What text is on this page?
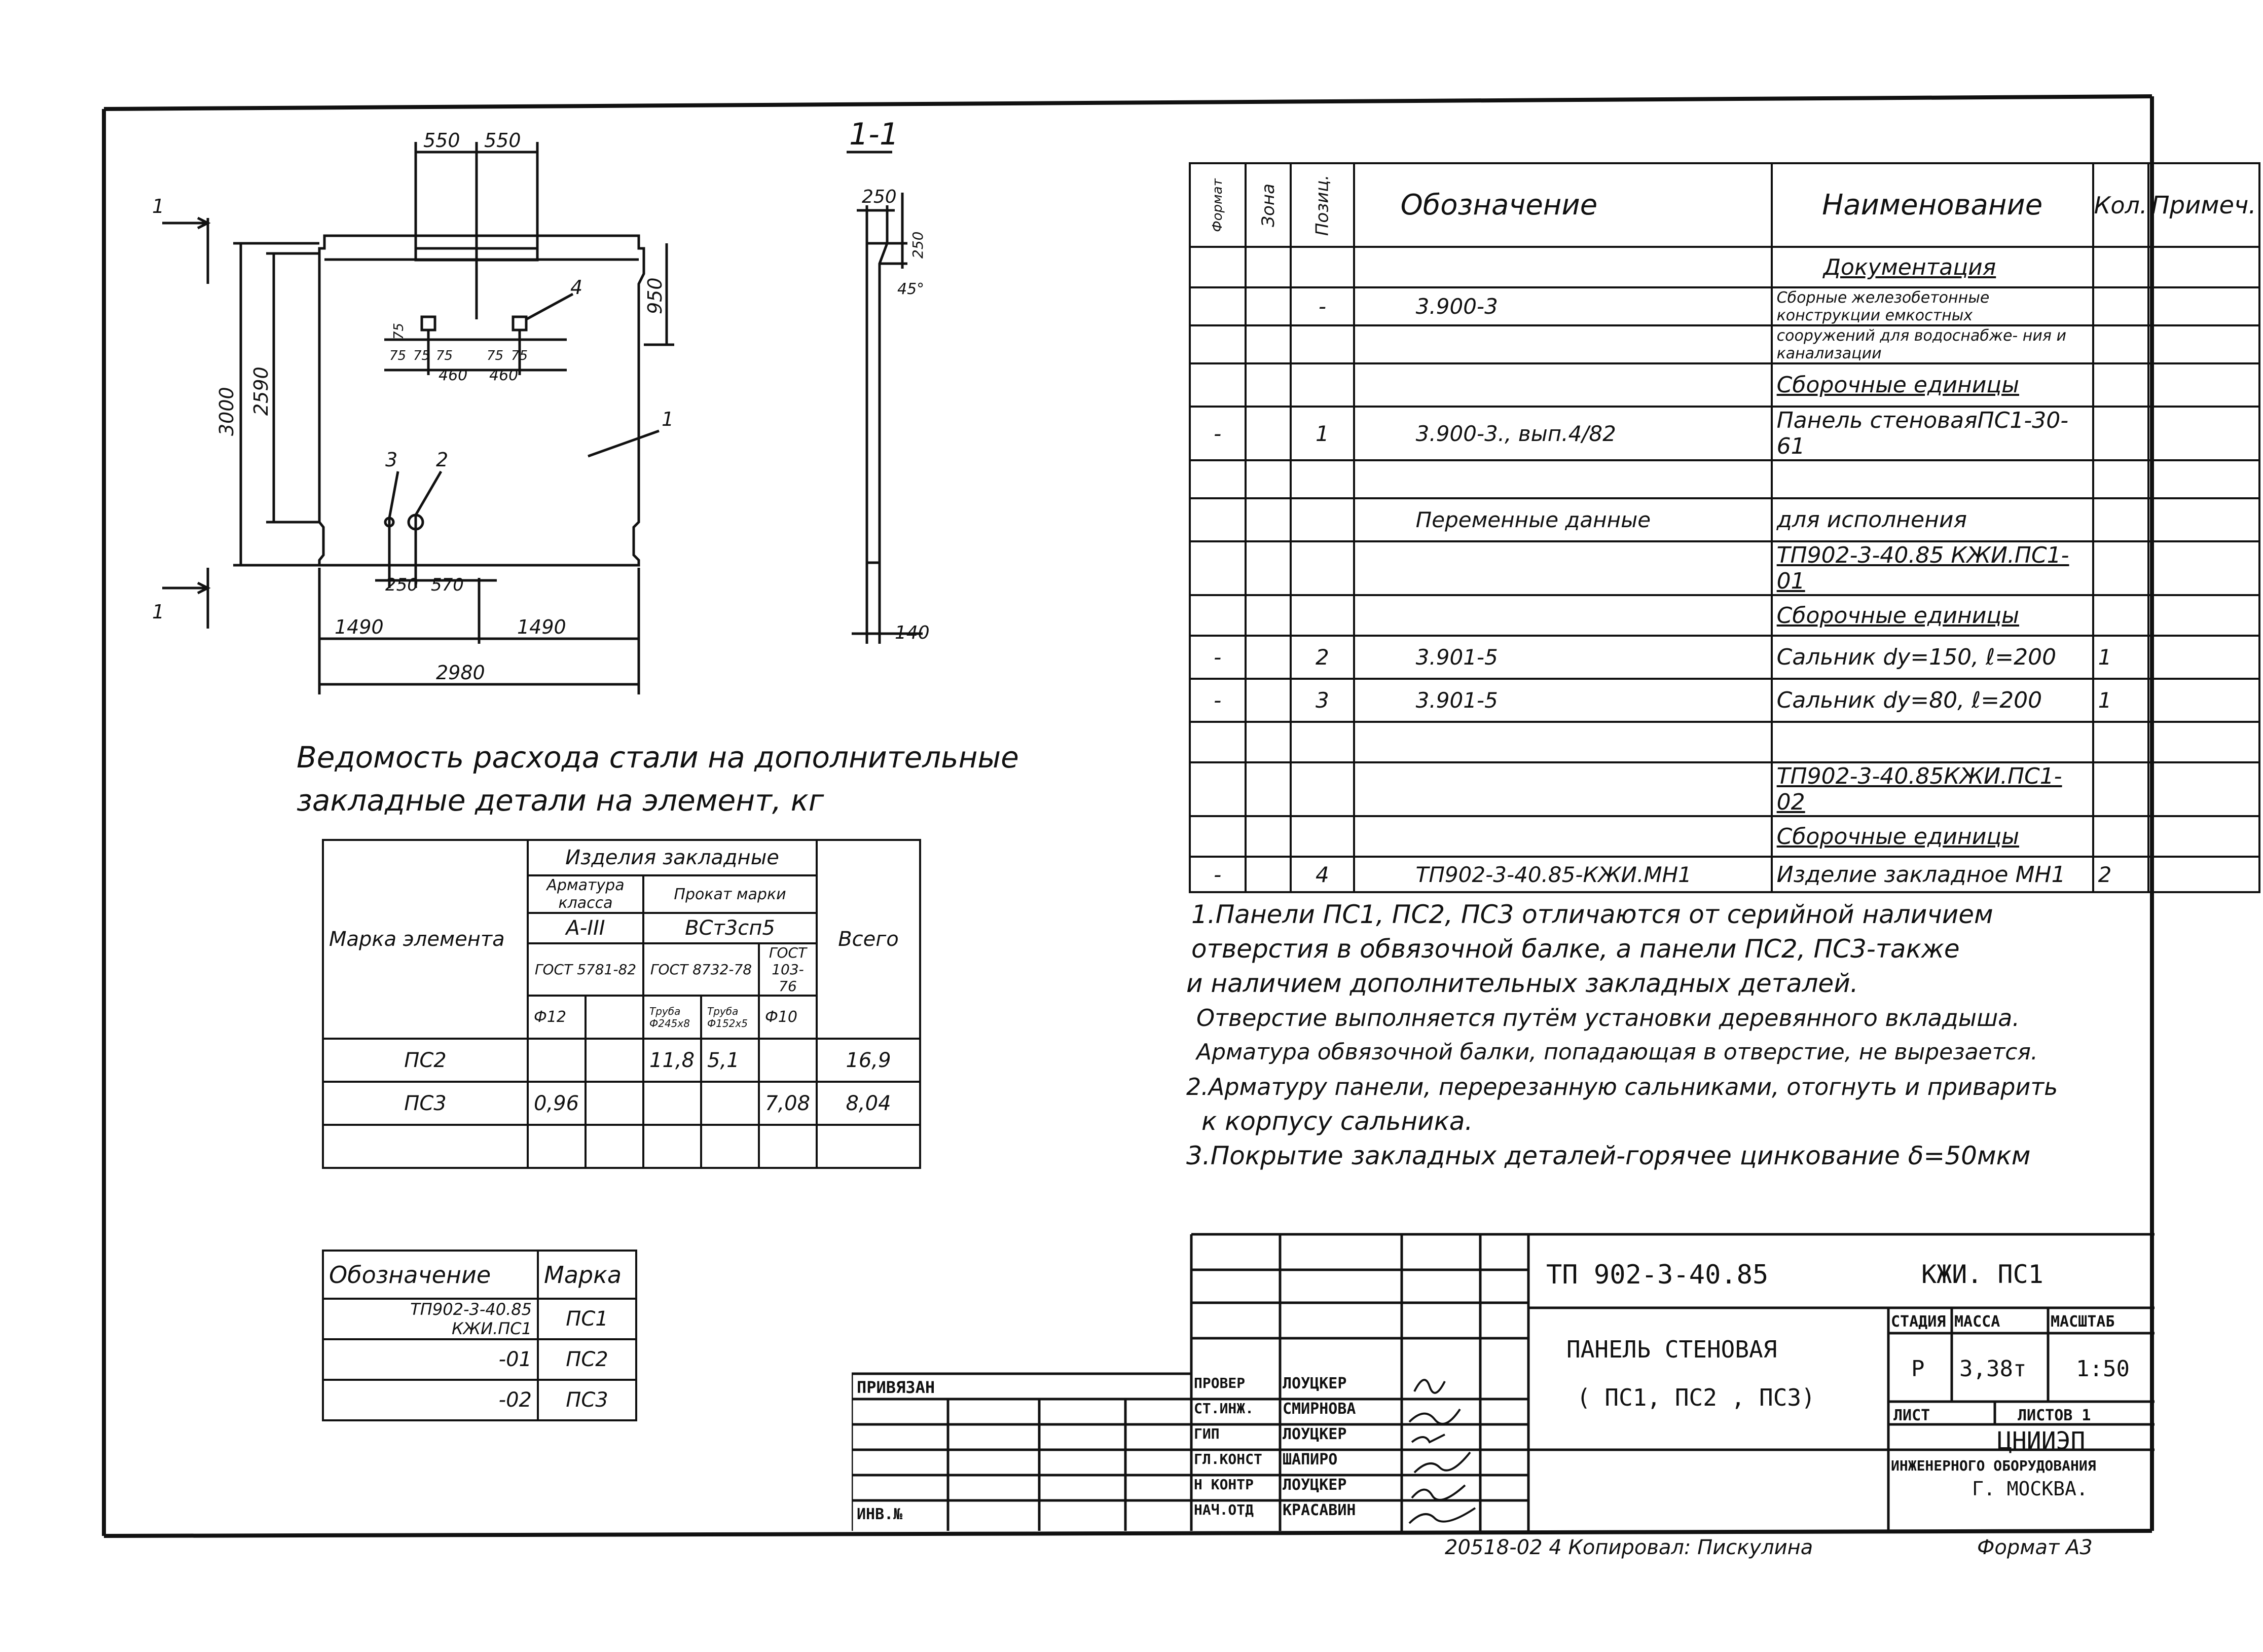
1
1
550 550
3000 2590
950
75 75 75	75 75
75
460 460
3 2
4
1
250 570
1490	1490
2980
1-1
250
250
45°
140
Ведомость расхода стали на дополнительные
закладные детали на элемент, кг
Марка элемента	Изделия закладные					Всего
	Арматура класса		Прокат марки			
	А-III		ВСт3сп5			
	ГОСТ 5781-82		ГОСТ 8732-78		ГОСТ 103-76	
	Ф12		Труба Ф245х8	Труба Ф152х5	Ф10	
ПС2			11,8	5,1		16,9
ПС3	0,96				7,08	8,04

Обозначение	Марка
ТП902-3-40.85 КЖИ.ПС1	ПС1
-01	ПС2
-02	ПС3
Формат	Зона	Позиц.	Обозначение	Наименование	Кол.	Примеч.
				Документация		
		-	3.900-3	Сборные железобетонные конструкции емкостных		
				сооружений для водоснабже- ния и канализации		
				Сборочные единицы		
-		1	3.900-3., вып.4/82	Панель стеноваяПС1-30-61		

			Переменные данные	для исполнения		
				ТП902-3-40.85 КЖИ.ПС1-01		
				Сборочные единицы		
-		2	3.901-5	Сальник dу=150, ℓ=200	1	
-		3	3.901-5	Сальник dу=80, ℓ=200	1	

				ТП902-3-40.85КЖИ.ПС1-02		
				Сборочные единицы		
-		4	ТП902-3-40.85-КЖИ.МН1	Изделие закладное МН1	2	
1.Панели ПС1, ПС2, ПС3 отличаются от серийной наличием
отверстия в обвязочной балке, а панели ПС2, ПС3-также
и наличием дополнительных закладных деталей.
Отверстие выполняется путём установки деревянного вкладыша.
Арматура обвязочной балки, попадающая в отверстие, не вырезается.
2.Арматуру панели, перерезанную сальниками, отогнуть и приварить
к корпусу сальника.
3.Покрытие закладных деталей-горячее цинкование δ=50мкм
ТП 902-3-40.85	КЖИ. ПС1
ПАНЕЛЬ СТЕНОВАЯ
( ПС1, ПС2 , ПС3)
СТАДИЯ МАССА	МАСШТАБ
Р 3,38т 1:50
ЛИСТ	ЛИСТОВ 1
ЦНИИЭП
ИНЖЕНЕРНОГО ОБОРУДОВАНИЯ
Г. МОСКВА.
ПРИВЯЗАН
ИНВ.№
ПРОВЕР	ЛОУЦКЕР
СТ.ИНЖ.	СМИРНОВА
ГИП	ЛОУЦКЕР
ГЛ.КОНСТ	ШАПИРО
Н КОНТР	ЛОУЦКЕР
НАЧ.ОТД	КРАСАВИН
20518-02 4 Копировал: Пискулина	Формат А3
